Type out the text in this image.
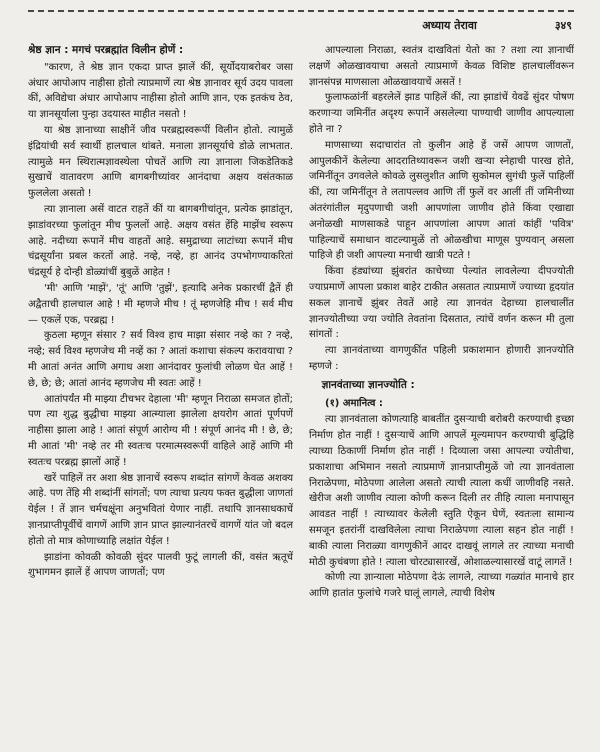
अध्याय तेरावा	३४९
श्रेष्ठ ज्ञान : मगचं परब्रह्मांत विलीन होणें :

"कारण, ते श्रेष्ठ ज्ञान एकदा प्राप्त झालें कीं, सूर्योदयाबरोबर जसा अंधार आपोआप नाहीसा होतो त्याप्रमाणें त्या श्रेष्ठ ज्ञानावर सूर्य उदय पावला कीं, अविद्येचा अंधार आपोआप नाहीसा होतो आणि ज्ञान, एक इतकंच ठेव, या ज्ञानसूर्याला पुन्हा उदयास्त माहीत नसतो !

या श्रेष्ठ ज्ञानाच्या साक्षीनें जीव परब्रह्मस्वरूपीं विलीन होतो. त्यामुळें इंद्रियांची सर्व स्वार्थी हालचाल थांबते. मनाला ज्ञानसूर्याचे डोळे लाभतात. त्यामुळे मन स्थिरात्मज्ञावस्थेला पोचतें आणि त्या ज्ञानाला जिकडेतिकडे सुखाचें वातावरण आणि बागबगीच्यांवर आनंदाचा अक्षय वसंतकाळ फुललेला असतो !

त्या ज्ञानाला असें वाटत राहतें कीं या बागबगीचांतून, प्रत्येक झाडांतून, झाडांवरच्या फुलांतून मीच फुललों आहे. अक्षय वसंत हेंहि माझेंच स्वरूप आहे. नदीच्या रूपानें मीच वाहतों आहे. समुद्राच्या लाटांच्या रूपानें मीच चंद्रसूर्यांना प्रबल करतों आहे. नव्हे, नव्हे, हा आनंद उपभोगण्याकरितां चंद्रसूर्य हे दोन्ही डोळ्यांचीं बुबुळें आहेत !

'मी' आणि 'माझें', 'तूं' आणि 'तुझें', इत्यादि अनेक प्रकारचीं द्वैतें ही अद्वैताची हालचाल आहे ! मी म्हणजे मीच ! तूं म्हणजेहि मीच ! सर्व मीच — एकलें एक, परब्रह्म !

कुठला म्हणून संसार ? सर्व विश्व हाच माझा संसार नव्हे का ? नव्हे, नव्हे; सर्व विश्व म्हणजेच मी नव्हें का ? आतां कशाचा संकल्प करावयाचा ? मी आतां अनंत आणि अगाध अशा आनंदावर फुलांची लोळण घेत आहें ! छे, छे; छे; आतां आनंद म्हणजेच मी स्वतः आहें !

आतांपर्यंत मी माझ्या टीचभर देहाला 'मी' म्हणून निराळा समजत होतों; पण त्या शुद्ध बुद्धीचा माझ्या आत्म्याला झालेला क्षयरोग आतां पूर्णपणें नाहीसा झाला आहे ! आतां संपूर्ण आरोग्य मी ! संपूर्ण आनंद मी ! छे, छे; मी आतां 'मी' नव्हे तर मी स्वतःच परमात्मस्वरूपीं वाहिले आहें आणि मी स्वतःच परब्रह्म झालों आहें !

खरें पाहिलें तर अशा श्रेष्ठ ज्ञानाचें स्वरूप शब्दांत सांगणें केवळ अशक्य आहे. पण तेंहि मी शब्दांनीं सांगतों; पण त्याचा प्रत्यय फक्त बुद्धीला जाणतां येईल ! तें ज्ञान चर्मचक्षूंना अनुभवितां येणार नाहीं. तथापि ज्ञानसाधकाचें ज्ञानप्राप्तीपूर्वीचें वागणें आणि ज्ञान प्राप्त झाल्यानंतरचें वागणें यांत जो बदल होतो तो मात्र कोणाच्याहि लक्षांत येईल !

झाडांना कोवळी कोवळी सुंदर पालवी फुटूं लागली कीं, वसंत ऋतूचें शुभागमन झालें हें आपण जाणतों; पण

आपल्याला निराळा, स्वतंत्र दाखवितां येतो का ? तशा त्या ज्ञानाचीं लक्षणें ओळखावयाचा असतो त्याप्रमाणें केवळ विशिष्ट हालचालींवरून ज्ञानसंपन्न माणसाला ओळखावयाचें असतें !

फुलाफळांनीं बहरलेलें झाड पाहिलें कीं, त्या झाडांचें येवढें सुंदर पोषण करणाऱ्या जमिनींत अदृश्य रूपानें असलेल्या पाण्याची जाणीव आपल्याला होते ना ?

माणसाच्या सदाचारांत तो कुलीन आहे हें जसें आपण जाणतों, आपुलकीनें केलेल्या आदरातिथ्यावरून जशी खऱ्या स्नेहाची पारख होते, जमिनींतून उगवलेले कोवळे लुसलुशीत आणि सुकोमल सुगंधी फुलें पाहिलीं कीं, त्या जमिनींतून ते लतापल्लव आणि तीं फुलें वर आलीं तीं जमिनीच्या अंतरंगांतील मृदुपणाची जशी आपणांला जाणीव होते किंवा एखाद्या अनोळखी माणसाकडे पाहून आपणांला आपण आतां कांहीं 'पवित्र' पाहिल्याचें समाधान वाटल्यामुळें तो ओळखीचा माणूस पुण्यवान् असला पाहिजे ही जशी आपल्या मनाची खात्री पटते !

किंवा हंड्यांच्या झुंबरांत काचेच्या पेल्यांत लावलेल्या दीपज्योती ज्याप्रमाणें आपला प्रकाश बाहेर टाकीत असतात त्याप्रमाणें ज्याच्या हृदयांत सकल ज्ञानाचें झुंबर तेवतें आहे त्या ज्ञानवंत देहाच्या हालचालींत ज्ञानज्योतीच्या ज्या ज्योति तेवतांना दिसतात, त्यांचें वर्णन करून मी तुला सांगतों :

त्या ज्ञानवंताच्या वागणुकींत पहिली प्रकाशमान होणारी ज्ञानज्योति म्हणजे :

ज्ञानवंताच्या ज्ञानज्योति :

(१) अमानित्व :

त्या ज्ञानवंताला कोणत्याहि बाबतींत दुसऱ्याची बरोबरी करण्याची इच्छा निर्माण होत नाहीं ! दुसऱ्याचें आणि आपलें मूल्यमापन करण्याची बुद्धिहि त्याच्या ठिकाणीं निर्माण होत नाहीं ! दिव्याला जसा आपल्या ज्योतीचा, प्रकाशाचा अभिमान नसतो त्याप्रमाणें ज्ञानप्राप्तीमुळें जो त्या ज्ञानवंताला निराळेपणा, मोठेपणा आलेला असतो त्याची त्याला कधीं जाणीवहि नसते. खेरीज अशी जाणीव त्याला कोणी करून दिली तर तीहि त्याला मनापासून आवडत नाहीं ! त्याच्यावर केलेली स्तुति ऐकून घेणें, स्वतःला सामान्य समजून इतरांनीं दाखविलेला त्याचा निराळेपणा त्याला सहन होत नाहीं ! बाकी त्याला निराळ्या वागणुकीनें आदर दाखवूं लागले तर त्याच्या मनाची मोठी कुचंबणा होते ! त्याला चोरट्यासारखें, ओशाळल्यासारखें वाटूं लागतें !

कोणी त्या ज्ञान्याला मोठेपणा देऊं लागले, त्याच्या गळ्यांत मानाचे हार आणि हातांत फुलांचे गजरे घालूं लागले, त्याची विशेष
